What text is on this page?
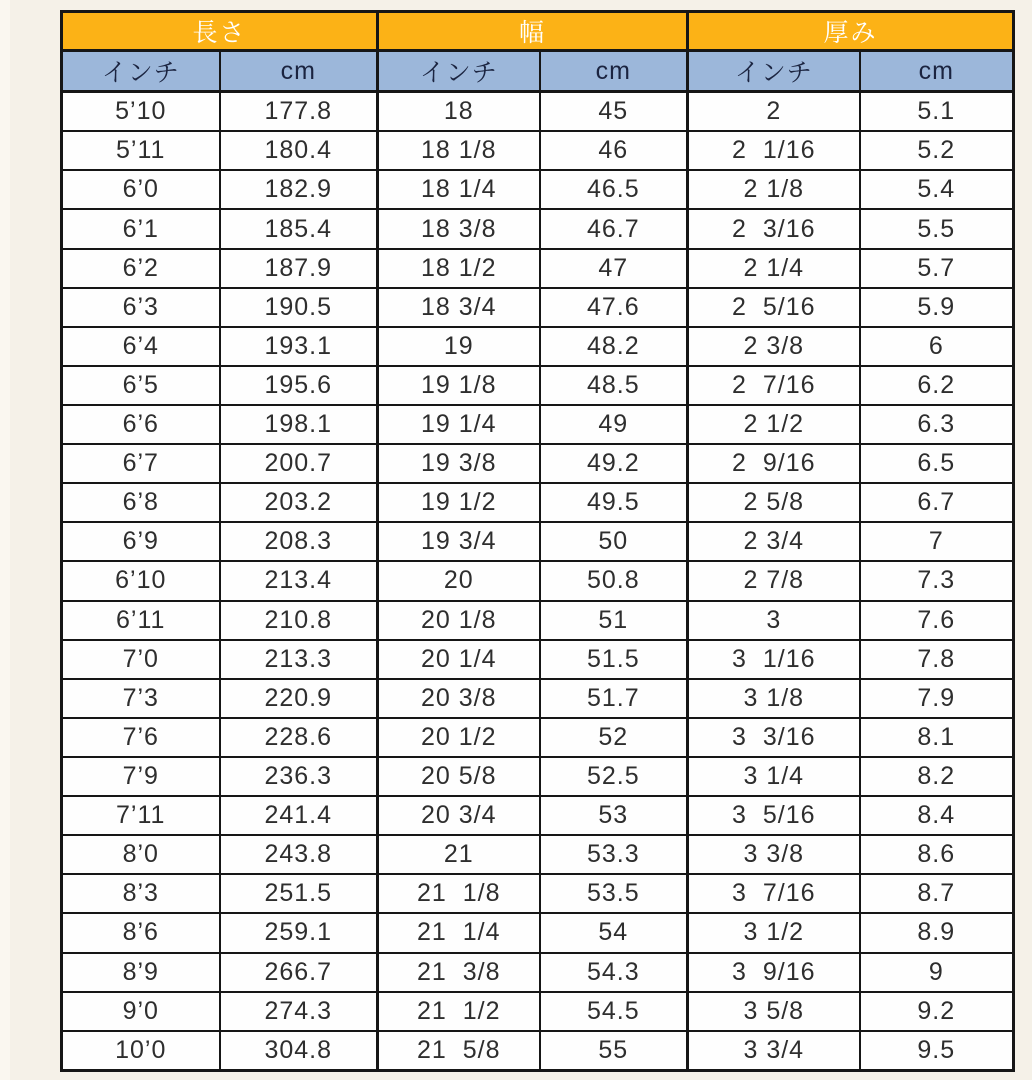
長さ		幅		厚み	
インチ	cm	インチ	cm	インチ	cm
5’10	177.8	18	45	2	5.1
5’11	180.4	18 1/8	46	2  1/16	5.2
6’0	182.9	18 1/4	46.5	2 1/8	5.4
6’1	185.4	18 3/8	46.7	2  3/16	5.5
6’2	187.9	18 1/2	47	2 1/4	5.7
6’3	190.5	18 3/4	47.6	2  5/16	5.9
6’4	193.1	19	48.2	2 3/8	6
6’5	195.6	19 1/8	48.5	2  7/16	6.2
6’6	198.1	19 1/4	49	2 1/2	6.3
6’7	200.7	19 3/8	49.2	2  9/16	6.5
6’8	203.2	19 1/2	49.5	2 5/8	6.7
6’9	208.3	19 3/4	50	2 3/4	7
6’10	213.4	20	50.8	2 7/8	7.3
6’11	210.8	20 1/8	51	3	7.6
7’0	213.3	20 1/4	51.5	3  1/16	7.8
7’3	220.9	20 3/8	51.7	3 1/8	7.9
7’6	228.6	20 1/2	52	3  3/16	8.1
7’9	236.3	20 5/8	52.5	3 1/4	8.2
7’11	241.4	20 3/4	53	3  5/16	8.4
8’0	243.8	21	53.3	3 3/8	8.6
8’3	251.5	21  1/8	53.5	3  7/16	8.7
8’6	259.1	21  1/4	54	3 1/2	8.9
8’9	266.7	21  3/8	54.3	3  9/16	9
9’0	274.3	21  1/2	54.5	3 5/8	9.2
10’0	304.8	21  5/8	55	3 3/4	9.5
